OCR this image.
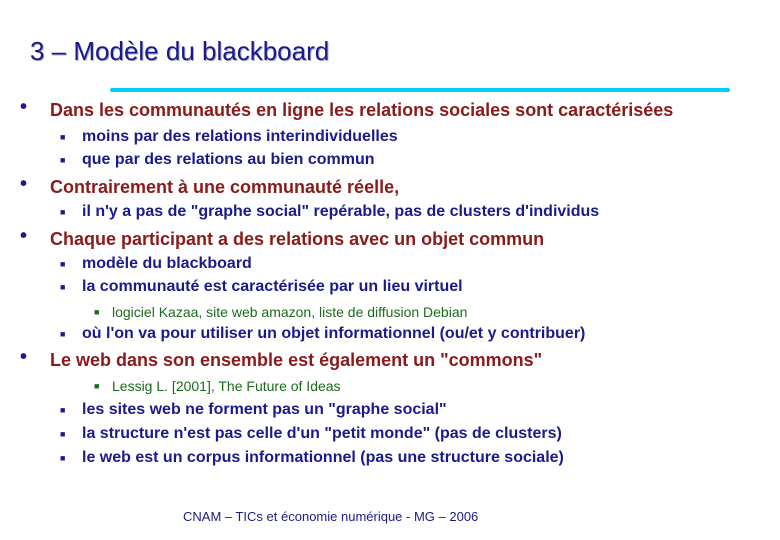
3 – Modèle du blackboard
• Dans les communautés en ligne les relations sociales sont caractérisées
■ moins par des relations interindividuelles
■ que par des relations au bien commun
• Contrairement à une communauté réelle,
■ il n'y a pas de "graphe social" repérable, pas de clusters d'individus
• Chaque participant a des relations avec un objet commun
■ modèle du blackboard
■ la communauté est caractérisée par un lieu virtuel
■ logiciel Kazaa, site web amazon, liste de diffusion Debian
■ où l'on va pour utiliser un objet informationnel (ou/et y contribuer)
• Le web dans son ensemble est également un "commons"
■ Lessig L. [2001], The Future of Ideas
■ les sites web ne forment pas un "graphe social"
■ la structure n'est pas celle d'un "petit monde" (pas de clusters)
■ le web est un corpus informationnel (pas une structure sociale)
CNAM – TICs et économie numérique - MG – 2006
